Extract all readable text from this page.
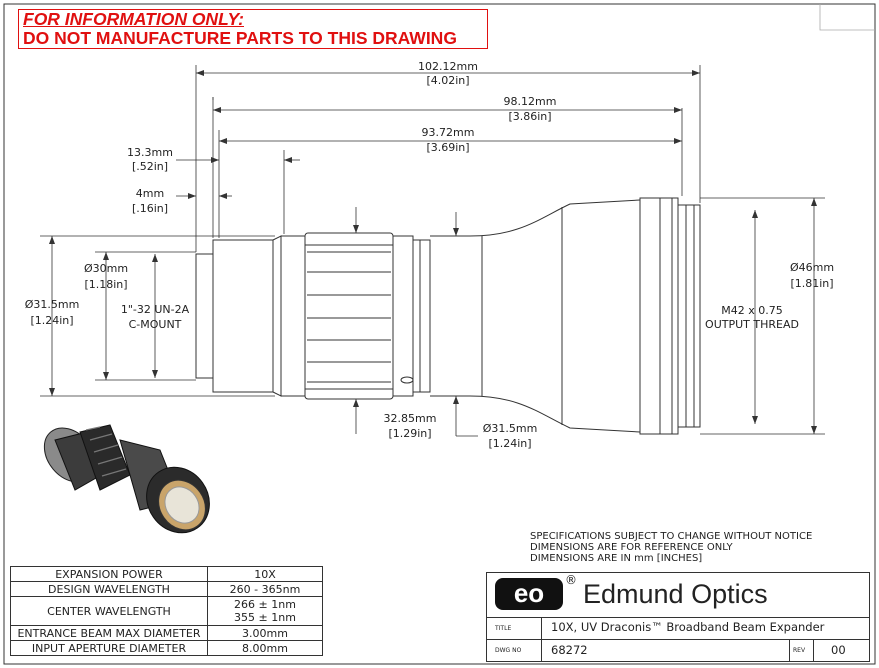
FOR INFORMATION ONLY:
DO NOT MANUFACTURE PARTS TO THIS DRAWING
102.12mm
[4.02in]
98.12mm
[3.86in]
93.72mm
[3.69in]
13.3mm
[.52in]
4mm
[.16in]
Ø30mm
[1.18in]
Ø31.5mm
[1.24in]
1"-32 UN-2A
C-MOUNT
Ø46mm
[1.81in]
M42 x 0.75
OUTPUT THREAD
32.85mm
[1.29in]	Ø31.5mm
[1.24in]
EXPANSION POWER	10X
DESIGN WAVELENGTH	260 - 365nm
CENTER WAVELENGTH	266 ± 1nm
355 ± 1nm

ENTRANCE BEAM MAX DIAMETER	3.00mm
INPUT APERTURE DIAMETER	8.00mm
SPECIFICATIONS SUBJECT TO CHANGE WITHOUT NOTICE
DIMENSIONS ARE FOR REFERENCE ONLY
DIMENSIONS ARE IN mm [INCHES]
eo	® Edmund Optics
TITLE	10X, UV Draconis™ Broadband Beam Expander
DWG NO	68272	REV 00
